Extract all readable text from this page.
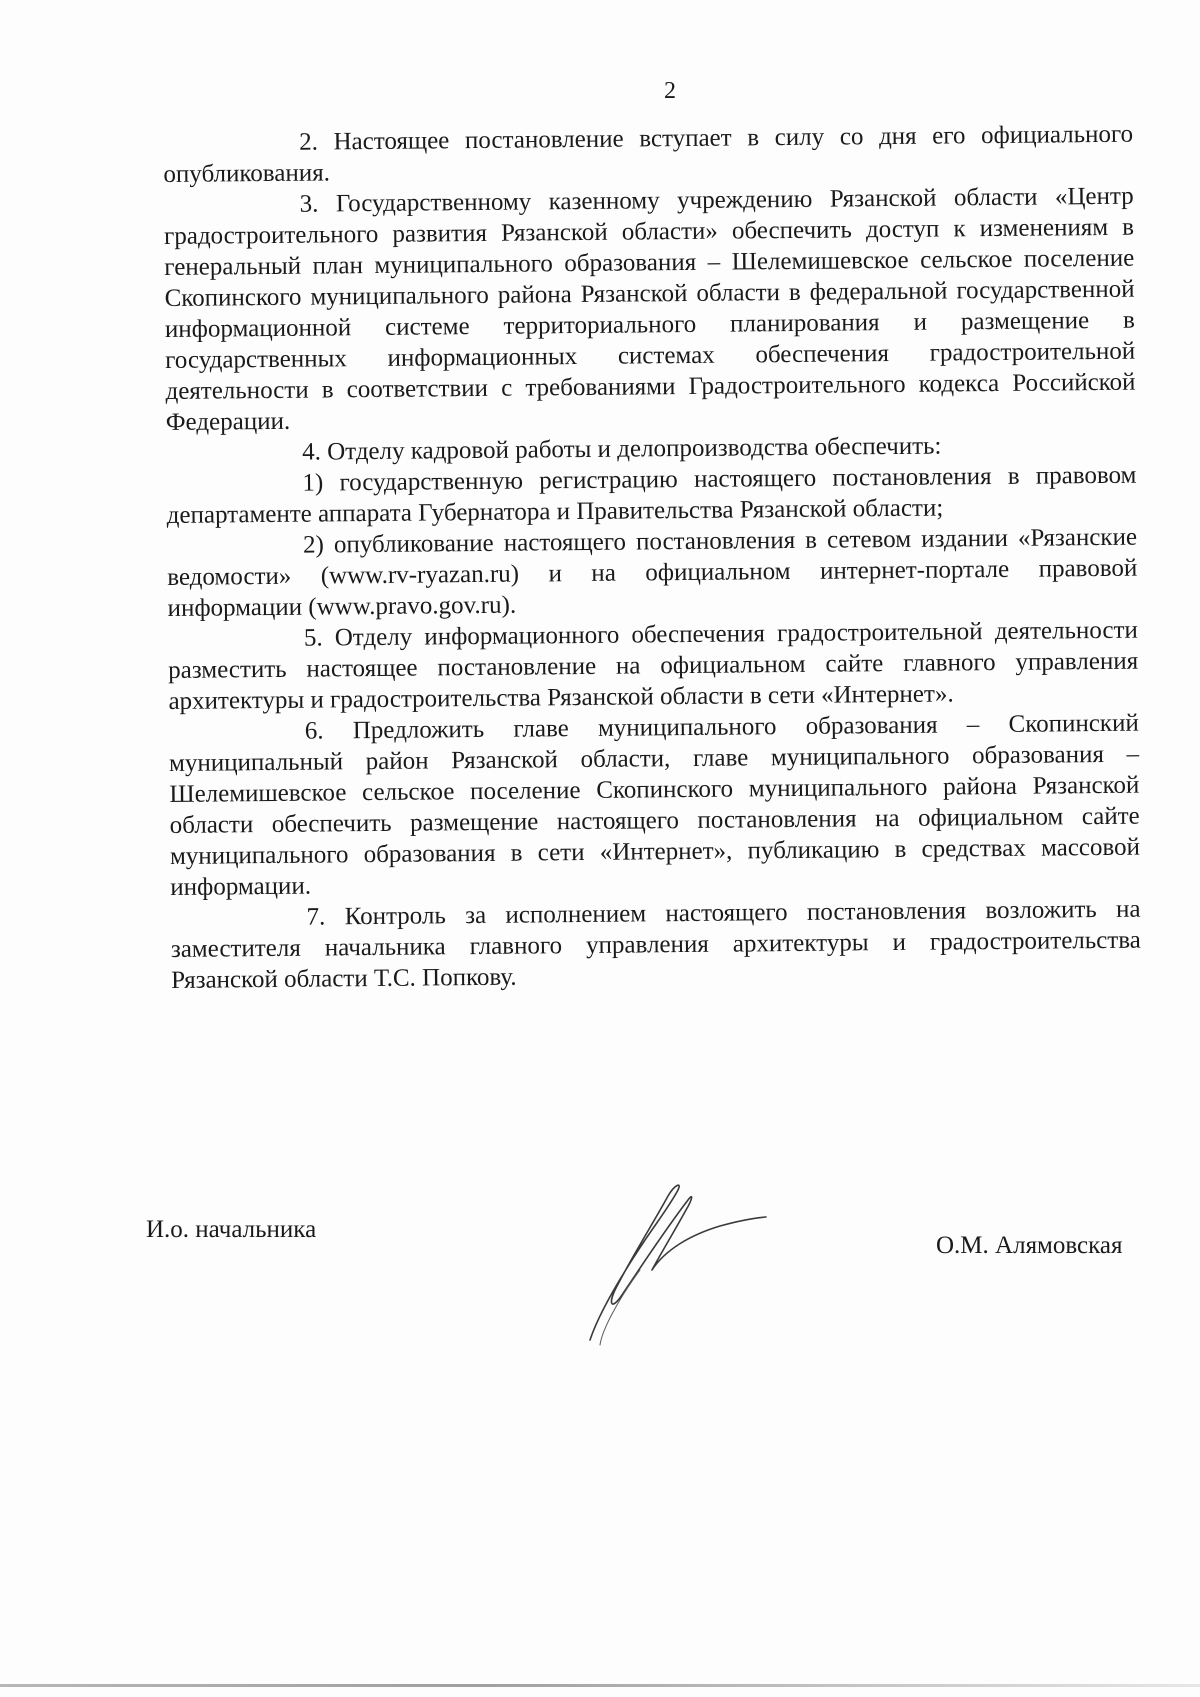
2

2. Настоящее постановление вступает в силу со дня его официального опубликования.

3. Государственному казенному учреждению Рязанской области «Центр градостроительного развития Рязанской области» обеспечить доступ к изменениям в генеральный план муниципального образования – Шелемишевское сельское поселение Скопинского муниципального района Рязанской области в федеральной государственной информационной системе территориального планирования и размещение в государственных информационных системах обеспечения градостроительной деятельности в соответствии с требованиями Градостроительного кодекса Российской Федерации.

4. Отделу кадровой работы и делопроизводства обеспечить:

1) государственную регистрацию настоящего постановления в правовом департаменте аппарата Губернатора и Правительства Рязанской области;

2) опубликование настоящего постановления в сетевом издании «Рязанские ведомости» (www.rv-ryazan.ru) и на официальном интернет-портале правовой информации (www.pravo.gov.ru).

5. Отделу информационного обеспечения градостроительной деятельности разместить настоящее постановление на официальном сайте главного управления архитектуры и градостроительства Рязанской области в сети «Интернет».

6. Предложить главе муниципального образования – Скопинский муниципальный район Рязанской области, главе муниципального образования – Шелемишевское сельское поселение Скопинского муниципального района Рязанской области обеспечить размещение настоящего постановления на официальном сайте муниципального образования в сети «Интернет», публикацию в средствах массовой информации.

7. Контроль за исполнением настоящего постановления возложить на заместителя начальника главного управления архитектуры и градостроительства Рязанской области Т.С. Попкову.

И.о. начальника
О.М. Алямовская
